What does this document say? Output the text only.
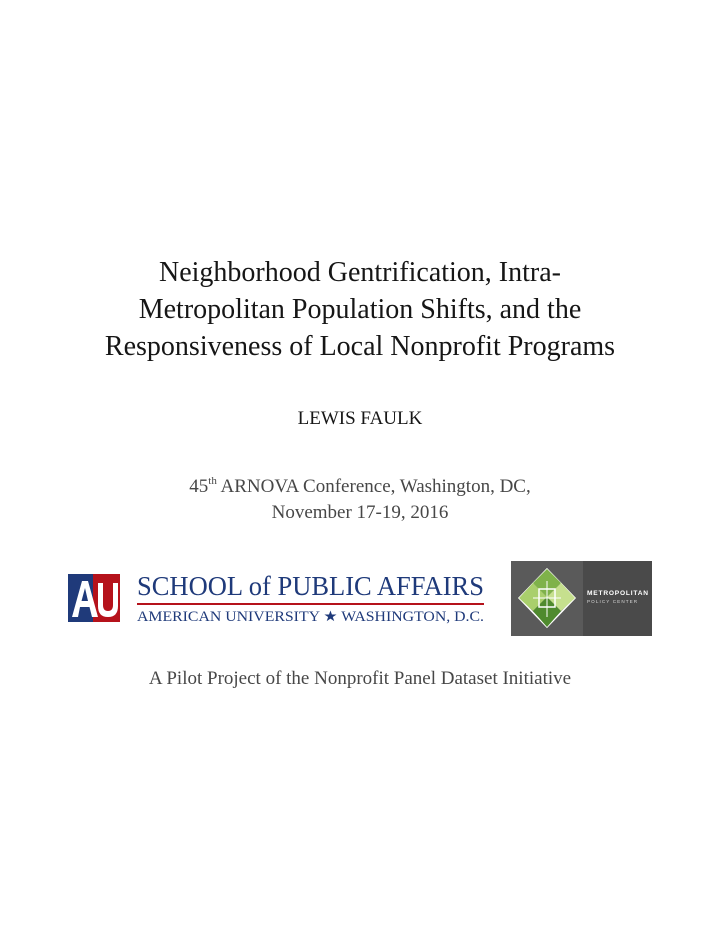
Neighborhood Gentrification, Intra-
Metropolitan Population Shifts, and the
Responsiveness of Local Nonprofit Programs
LEWIS FAULK
45th ARNOVA Conference, Washington, DC,
November 17-19, 2016
SCHOOL of PUBLIC AFFAIRS
AMERICAN UNIVERSITY ★ WASHINGTON, D.C.
METROPOLITAN
POLICY CENTER
A Pilot Project of the Nonprofit Panel Dataset Initiative
